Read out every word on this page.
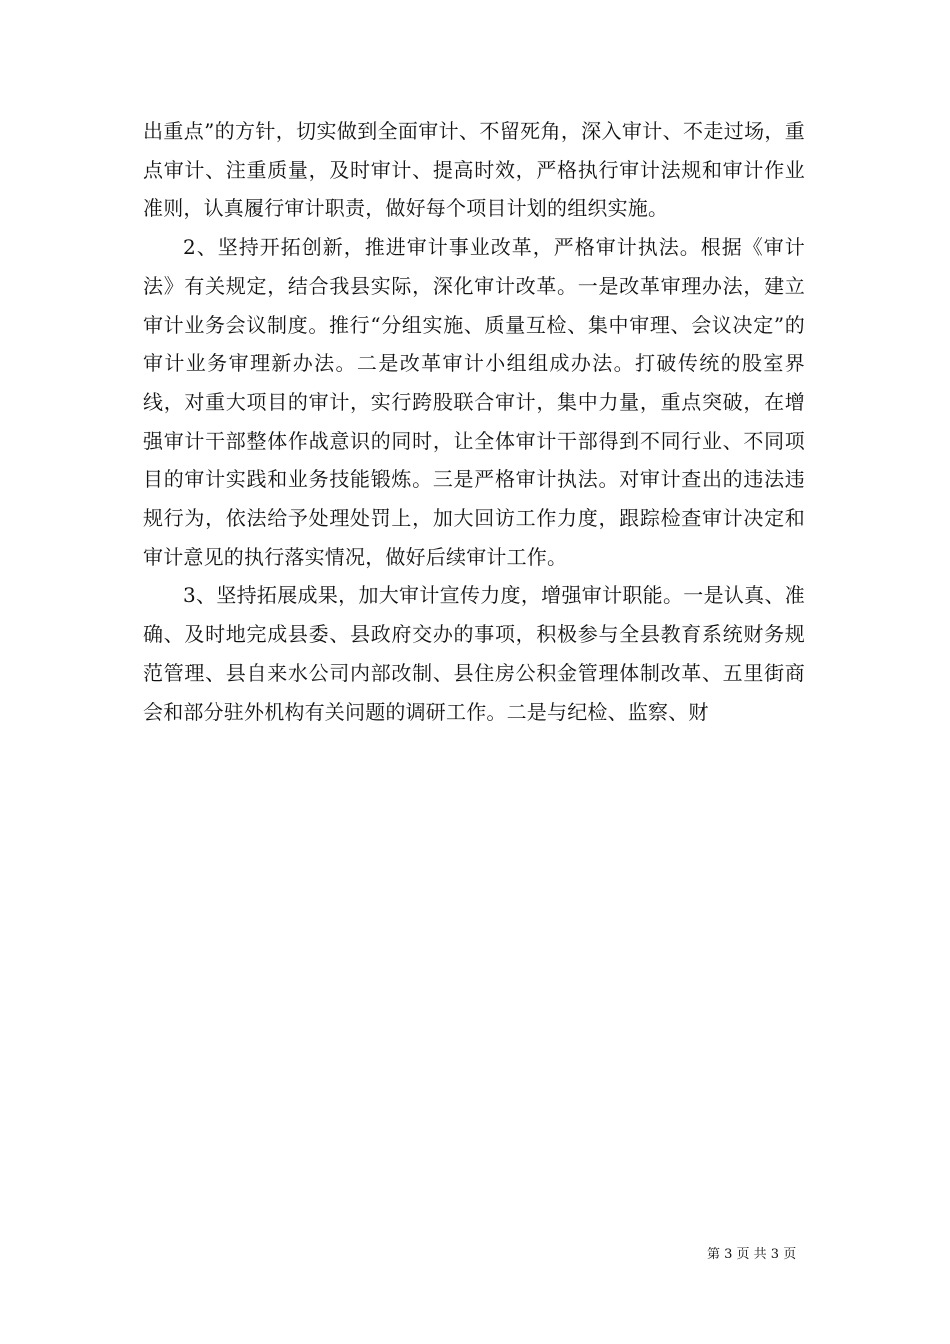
出重点”的方针，切实做到全面审计、不留死角，深入审计、不走过场，重点审计、注重质量，及时审计、提高时效，严格执行审计法规和审计作业准则，认真履行审计职责，做好每个项目计划的组织实施。

2、坚持开拓创新，推进审计事业改革，严格审计执法。根据《审计法》有关规定，结合我县实际，深化审计改革。一是改革审理办法，建立审计业务会议制度。推行“分组实施、质量互检、集中审理、会议决定”的审计业务审理新办法。二是改革审计小组组成办法。打破传统的股室界线，对重大项目的审计，实行跨股联合审计，集中力量，重点突破，在增强审计干部整体作战意识的同时，让全体审计干部得到不同行业、不同项目的审计实践和业务技能锻炼。三是严格审计执法。对审计查出的违法违规行为，依法给予处理处罚上，加大回访工作力度，跟踪检查审计决定和审计意见的执行落实情况，做好后续审计工作。

3、坚持拓展成果，加大审计宣传力度，增强审计职能。一是认真、准确、及时地完成县委、县政府交办的事项，积极参与全县教育系统财务规范管理、县自来水公司内部改制、县住房公积金管理体制改革、五里街商会和部分驻外机构有关问题的调研工作。二是与纪检、监察、财

第 3 页 共 3 页
